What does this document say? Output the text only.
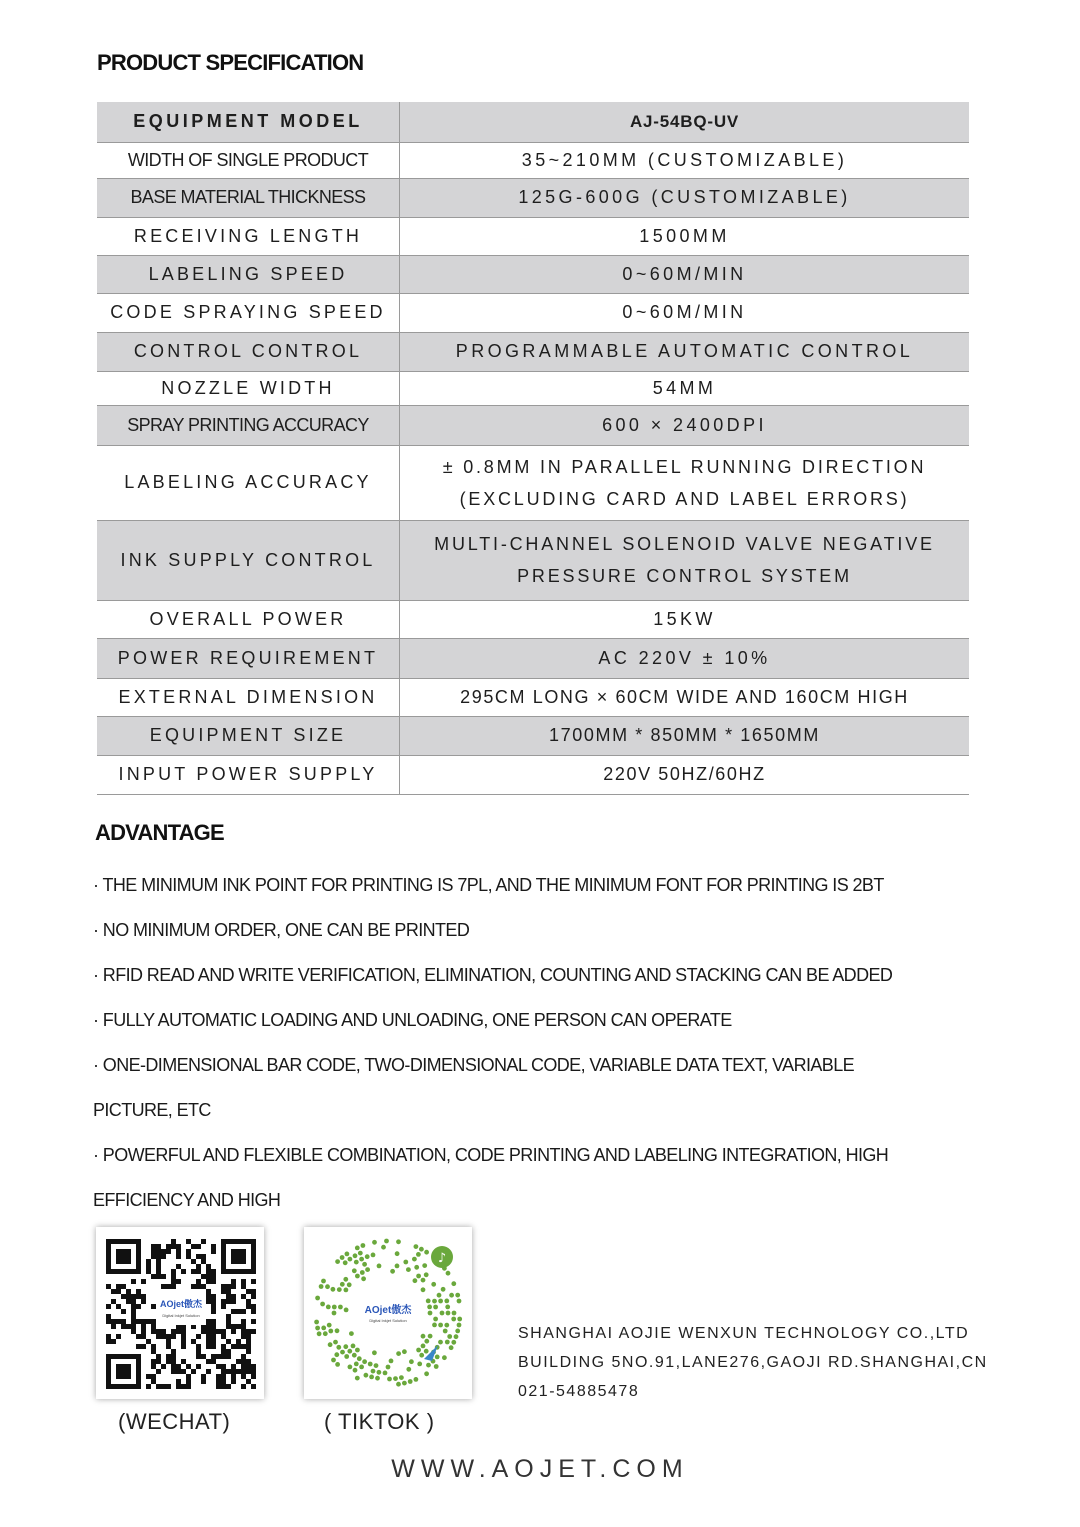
PRODUCT SPECIFICATION
EQUIPMENT MODEL	AJ-54BQ-UV
WIDTH OF SINGLE PRODUCT	35~210MM (CUSTOMIZABLE)
BASE MATERIAL THICKNESS	125G-600G (CUSTOMIZABLE)
RECEIVING LENGTH	1500MM
LABELING SPEED	0~60M/MIN
CODE SPRAYING SPEED	0~60M/MIN
CONTROL CONTROL	PROGRAMMABLE AUTOMATIC CONTROL
NOZZLE WIDTH	54MM
SPRAY PRINTING ACCURACY	600 × 2400DPI
LABELING ACCURACY	± 0.8MM IN PARALLEL RUNNING DIRECTION
(EXCLUDING CARD AND LABEL ERRORS)

INK SUPPLY CONTROL	MULTI-CHANNEL SOLENOID VALVE NEGATIVE
PRESSURE CONTROL SYSTEM

OVERALL POWER	15KW
POWER REQUIREMENT	AC 220V ± 10%
EXTERNAL DIMENSION	295CM LONG × 60CM WIDE AND 160CM HIGH
EQUIPMENT SIZE	1700MM * 850MM * 1650MM
INPUT POWER SUPPLY	220V 50HZ/60HZ
ADVANTAGE
· THE MINIMUM INK POINT FOR PRINTING IS 7PL, AND THE MINIMUM FONT FOR PRINTING IS 2BT
· NO MINIMUM ORDER, ONE CAN BE PRINTED
· RFID READ AND WRITE VERIFICATION, ELIMINATION, COUNTING AND STACKING CAN BE ADDED
· FULLY AUTOMATIC LOADING AND UNLOADING, ONE PERSON CAN OPERATE
· ONE-DIMENSIONAL BAR CODE, TWO-DIMENSIONAL CODE, VARIABLE DATA TEXT, VARIABLE
PICTURE, ETC
· POWERFUL AND FLEXIBLE COMBINATION, CODE PRINTING AND LABELING INTEGRATION, HIGH
EFFICIENCY AND HIGH
AOjet傲杰
Digital Inkjet Solution	AOjet傲杰
Digital Inkjet Solution
♪
(WECHAT)	( TIKTOK )
SHANGHAI AOJIE WENXUN TECHNOLOGY CO.,LTD
BUILDING 5NO.91,LANE276,GAOJI RD.SHANGHAI,CN
021-54885478
WWW.AOJET.COM
